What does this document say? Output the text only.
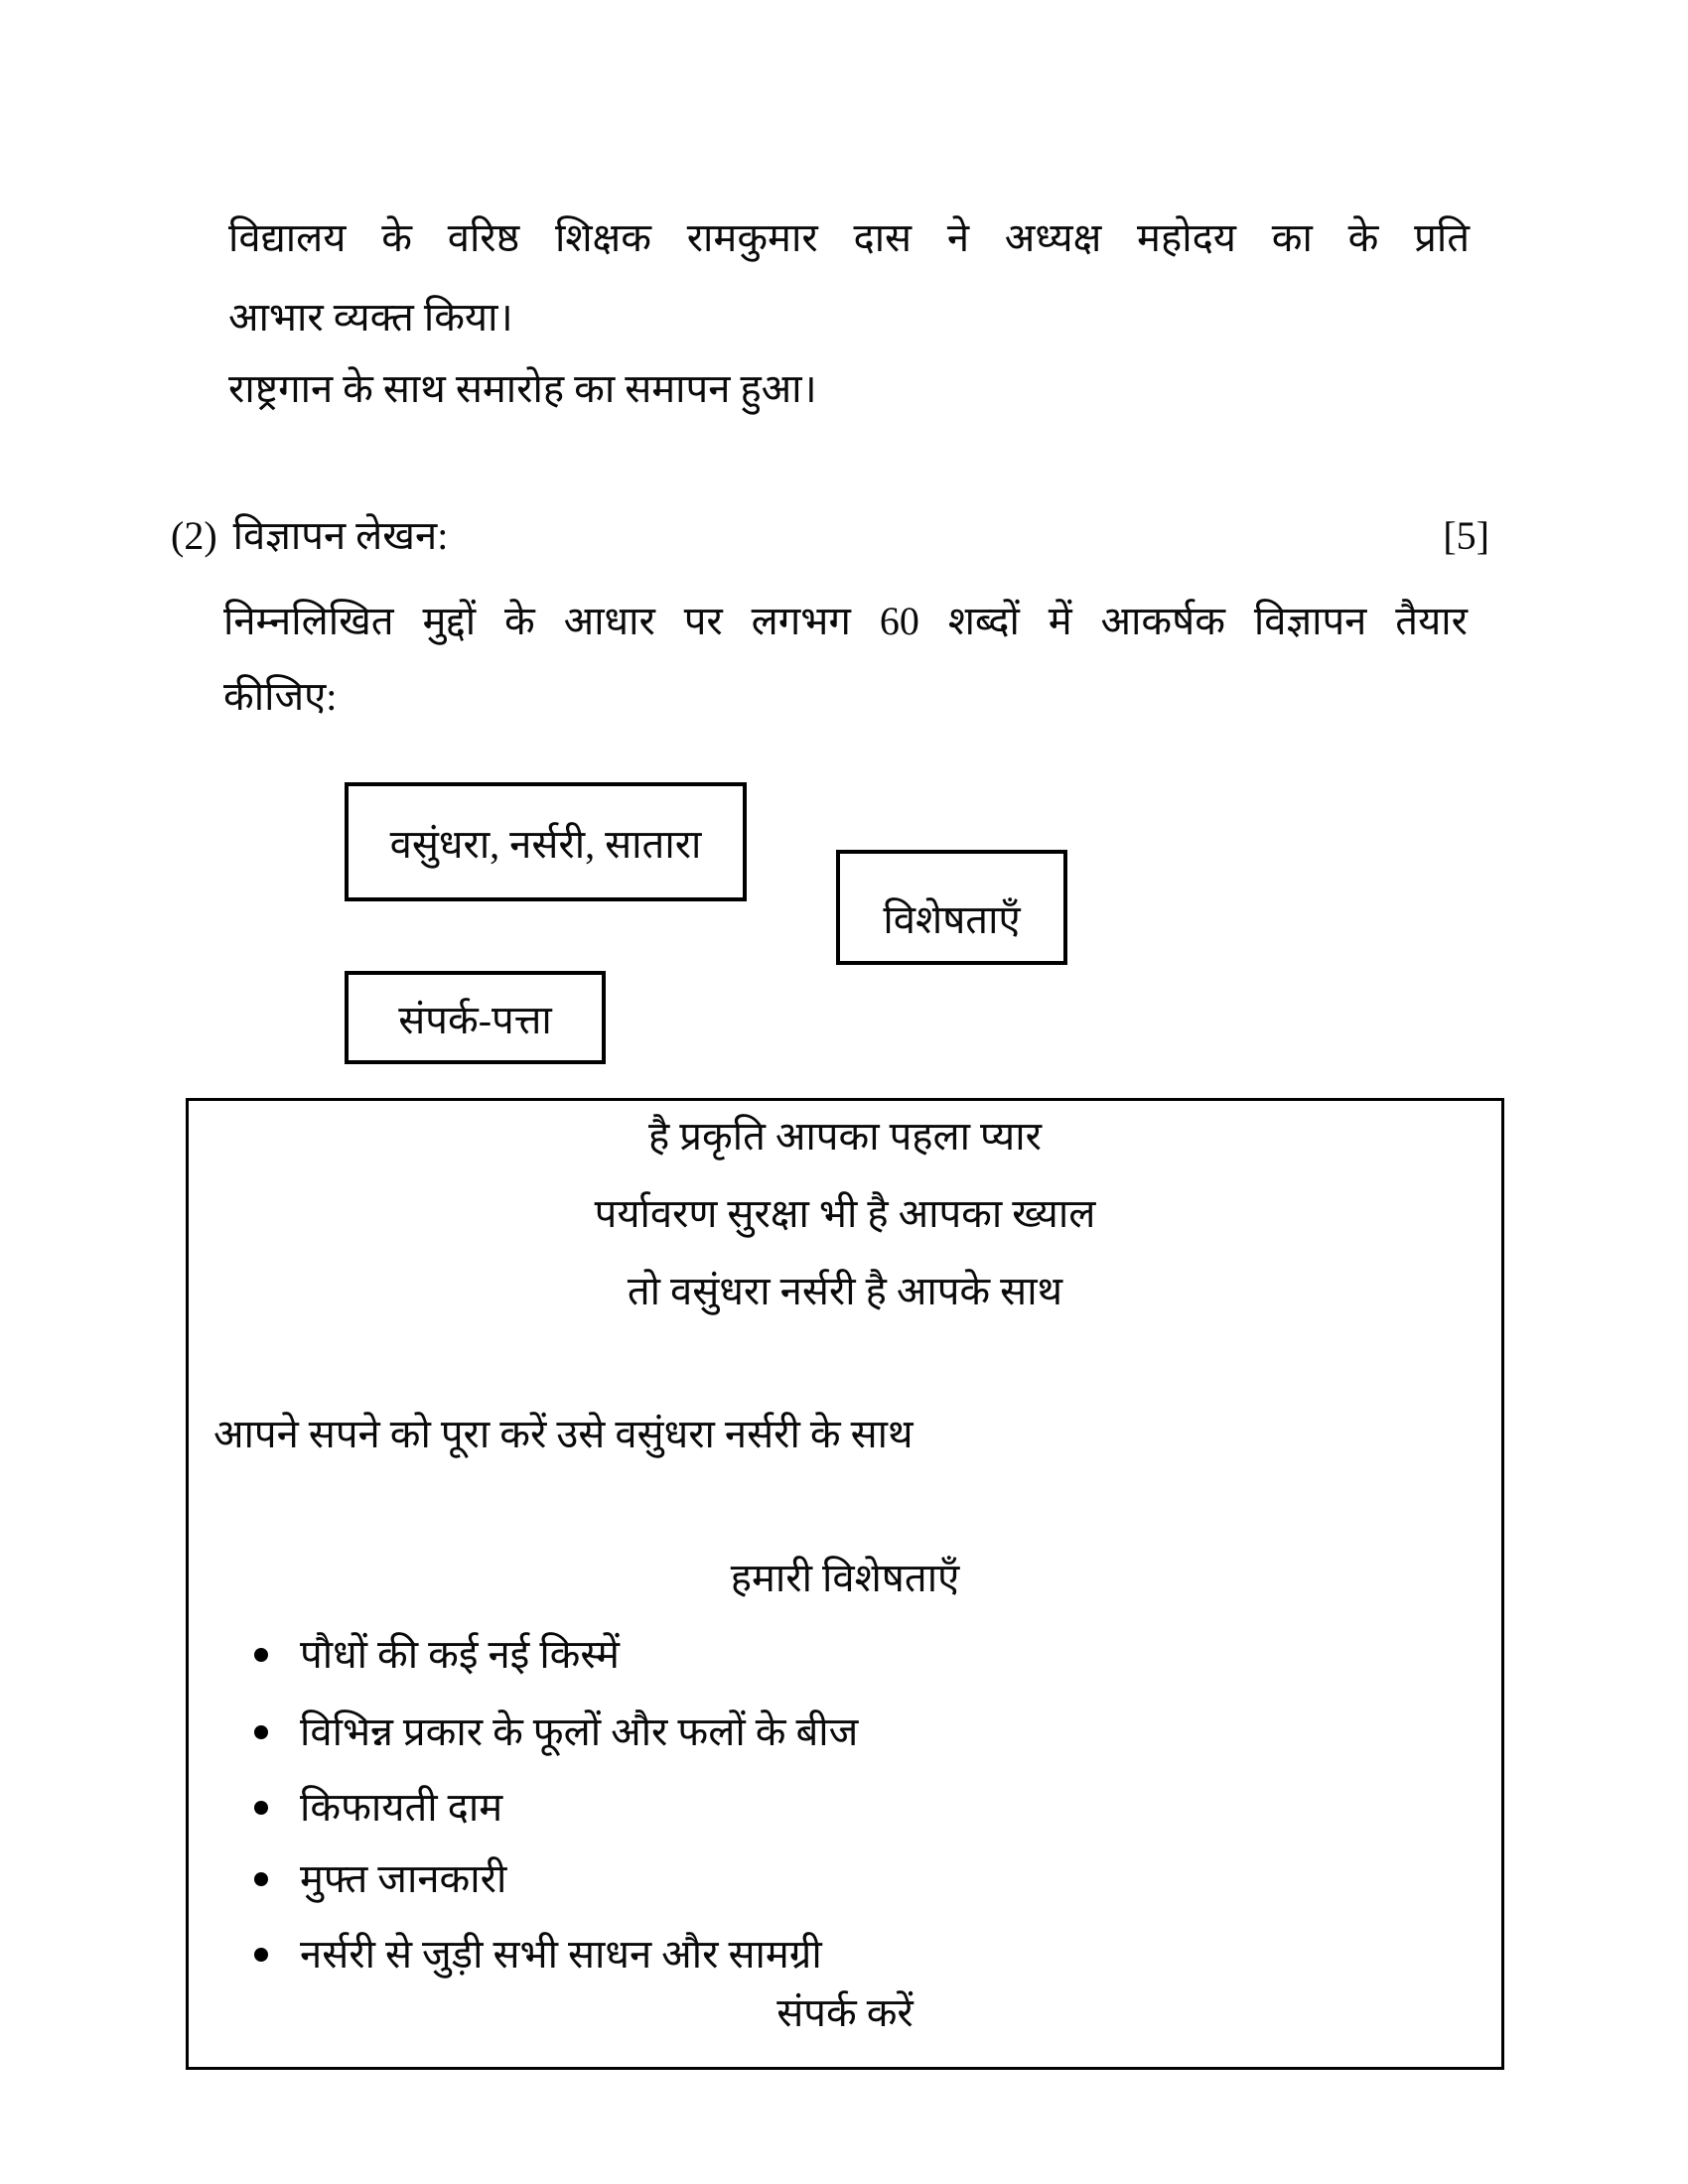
विद्यालय के वरिष्ठ शिक्षक रामकुमार दास ने अध्यक्ष महोदय का के प्रति
आभार व्यक्त किया।
राष्ट्रगान के साथ समारोह का समापन हुआ।
(2) विज्ञापन लेखन:	[5]
निम्नलिखित मुद्दों के आधार पर लगभग 60 शब्दों में आकर्षक विज्ञापन तैयार
कीजिए:
वसुंधरा, नर्सरी, सातारा
विशेषताएँ
संपर्क-पत्ता
है प्रकृति आपका पहला प्यार
पर्यावरण सुरक्षा भी है आपका ख्याल
तो वसुंधरा नर्सरी है आपके साथ
आपने सपने को पूरा करें उसे वसुंधरा नर्सरी के साथ
हमारी विशेषताएँ
पौधों की कई नई किस्में
विभिन्न प्रकार के फूलों और फलों के बीज
किफायती दाम
मुफ्त जानकारी
नर्सरी से जुड़ी सभी साधन और सामग्री
संपर्क करें
